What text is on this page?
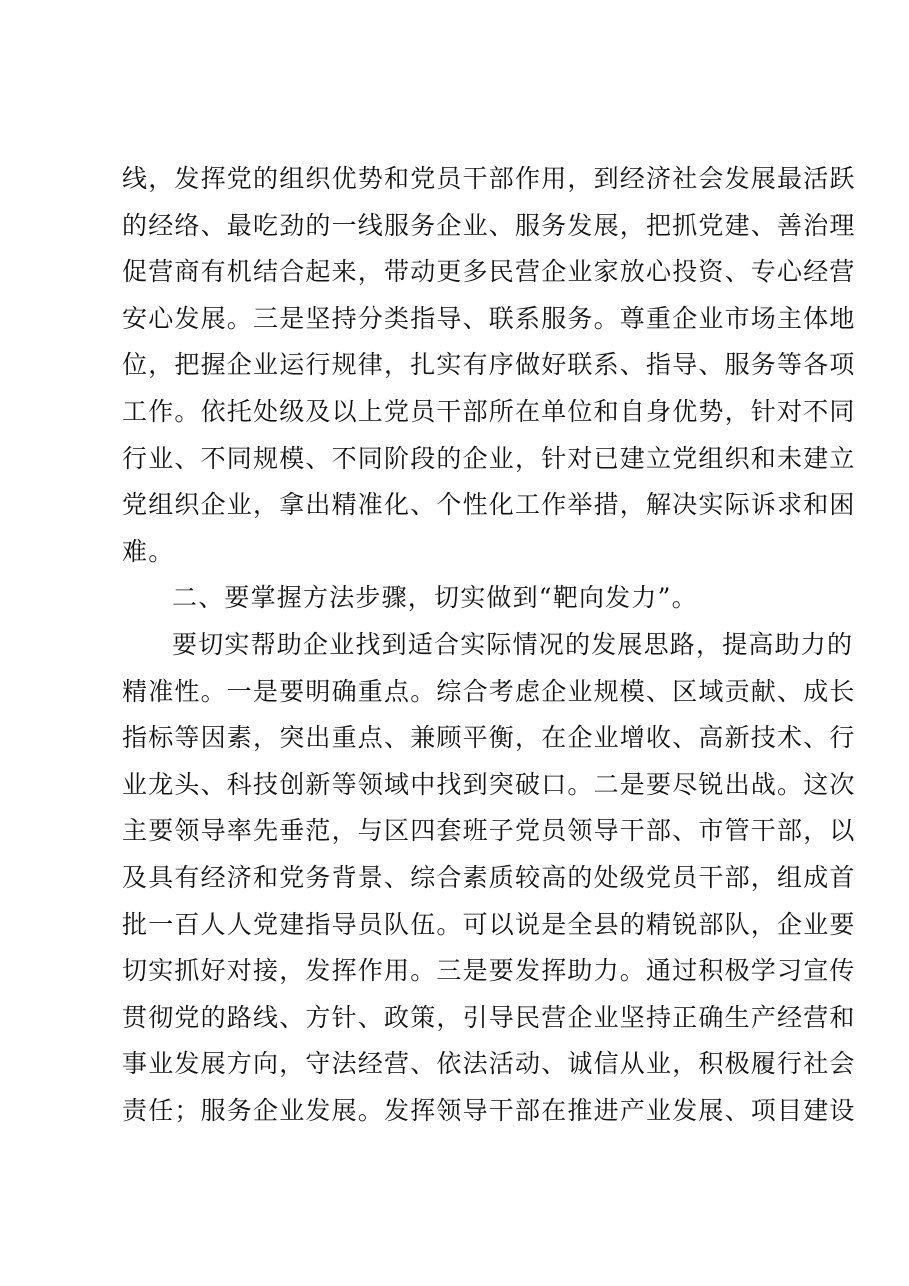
线，发挥党的组织优势和党员干部作用，到经济社会发展最活跃
的经络、最吃劲的一线服务企业、服务发展，把抓党建、善治理
促营商有机结合起来，带动更多民营企业家放心投资、专心经营
安心发展。三是坚持分类指导、联系服务。尊重企业市场主体地
位，把握企业运行规律，扎实有序做好联系、指导、服务等各项
工作。依托处级及以上党员干部所在单位和自身优势，针对不同
行业、不同规模、不同阶段的企业，针对已建立党组织和未建立
党组织企业，拿出精准化、个性化工作举措，解决实际诉求和困
难。
二、要掌握方法步骤，切实做到“靶向发力”。
要切实帮助企业找到适合实际情况的发展思路，提高助力的
精准性。一是要明确重点。综合考虑企业规模、区域贡献、成长
指标等因素，突出重点、兼顾平衡，在企业增收、高新技术、行
业龙头、科技创新等领域中找到突破口。二是要尽锐出战。这次
主要领导率先垂范，与区四套班子党员领导干部、市管干部，以
及具有经济和党务背景、综合素质较高的处级党员干部，组成首
批一百人人党建指导员队伍。可以说是全县的精锐部队，企业要
切实抓好对接，发挥作用。三是要发挥助力。通过积极学习宣传
贯彻党的路线、方针、政策，引导民营企业坚持正确生产经营和
事业发展方向，守法经营、依法活动、诚信从业，积极履行社会
责任；服务企业发展。发挥领导干部在推进产业发展、项目建设
